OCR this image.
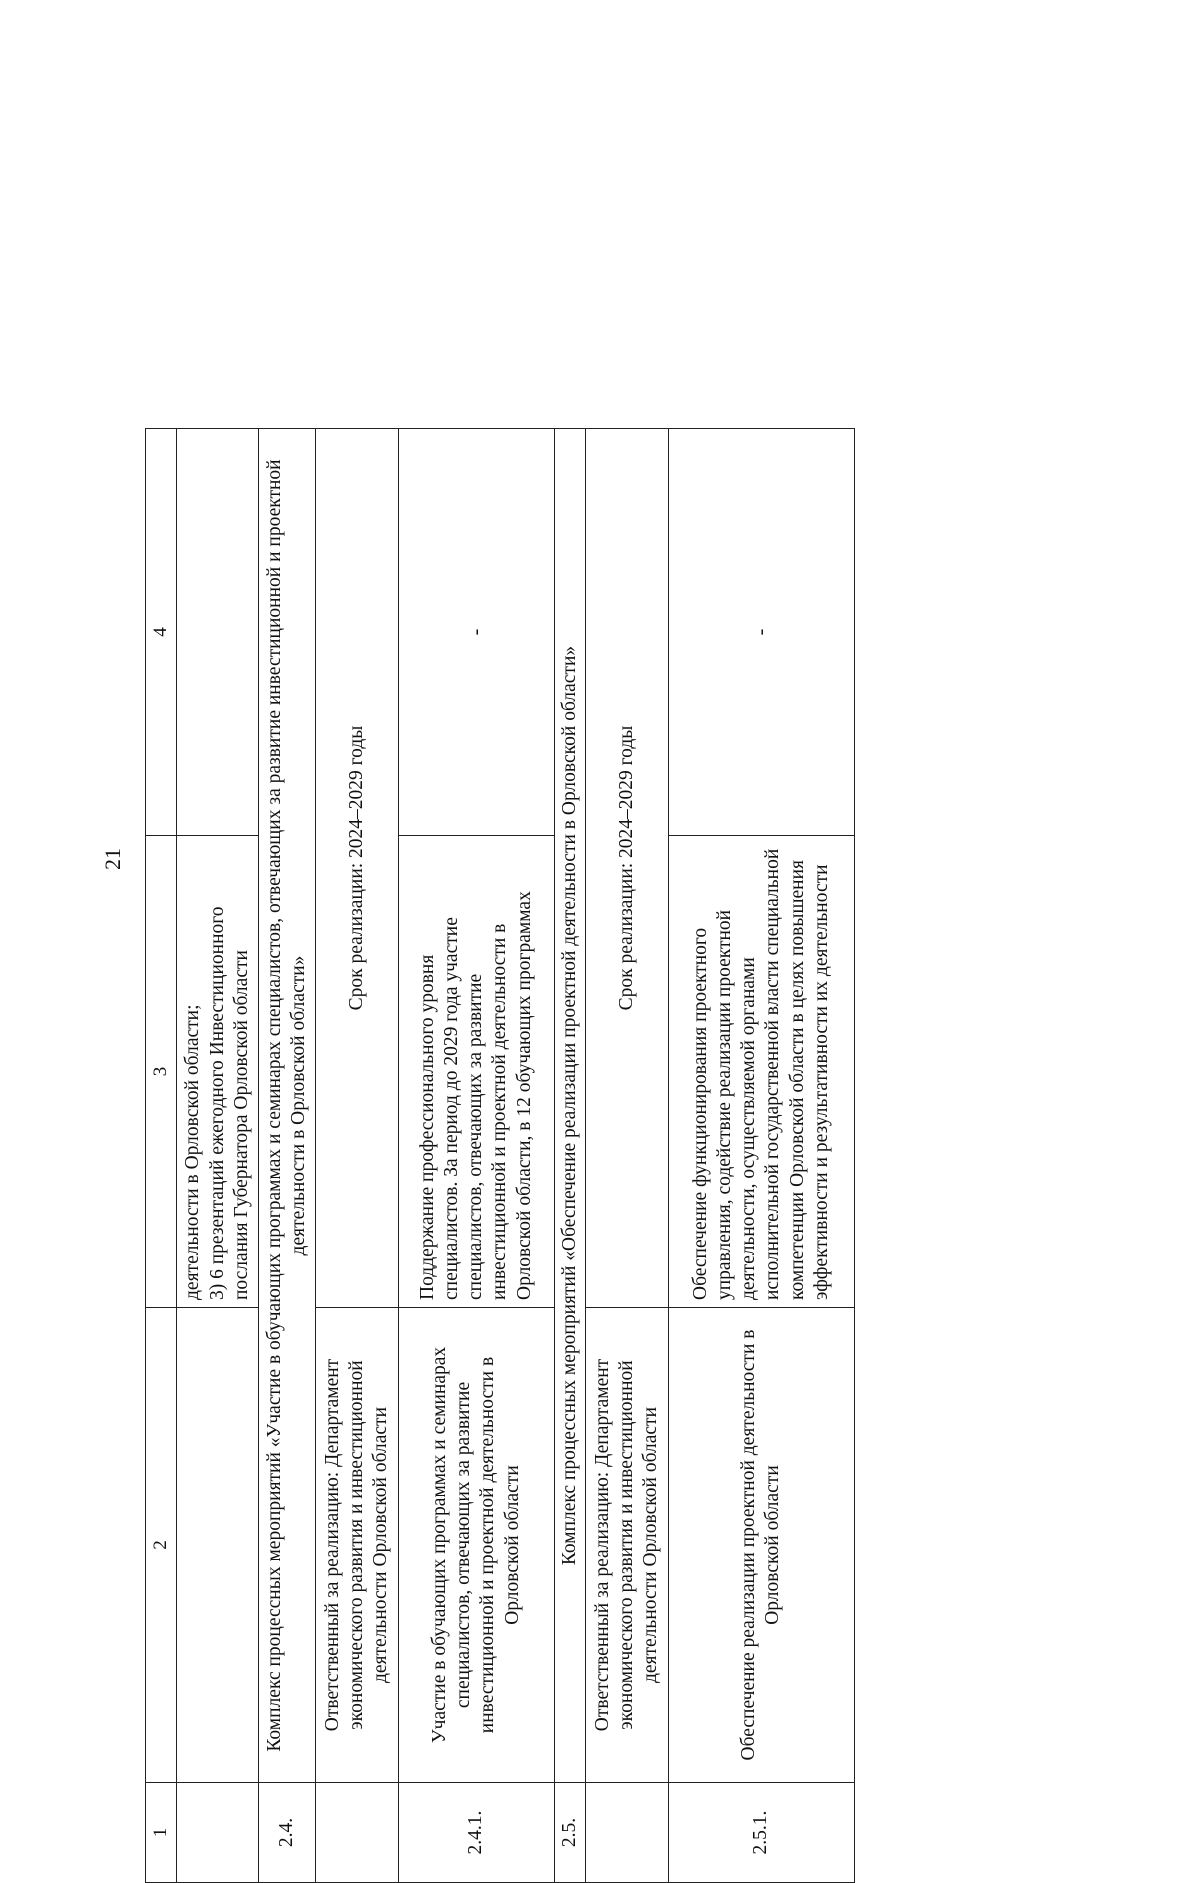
21
1	2	3	4
		деятельности в Орловской области;
3) 6 презентаций ежегодного Инвестиционного послания Губернатора Орловской области	
2.4.	Комплекс процессных мероприятий «Участие в обучающих программах и семинарах специалистов, отвечающих за развитие инвестиционной и проектной деятельности в Орловской области»		
	Ответственный за реализацию: Департамент экономического развития и инвестиционной деятельности Орловской области	Срок реализации: 2024–2029 годы	
2.4.1.	Участие в обучающих программах и семинарах специалистов, отвечающих за развитие инвестиционной и проектной деятельности в Орловской области	Поддержание профессионального уровня специалистов. За период до 2029 года участие специалистов, отвечающих за развитие инвестиционной и проектной деятельности в Орловской области, в 12 обучающих программах	-
2.5.	Комплекс процессных мероприятий «Обеспечение реализации проектной деятельности в Орловской области»		
	Ответственный за реализацию: Департамент экономического развития и инвестиционной деятельности Орловской области	Срок реализации: 2024–2029 годы	
2.5.1.	Обеспечение реализации проектной деятельности в Орловской области	Обеспечение функционирования проектного управления, содействие реализации проектной деятельности, осуществляемой органами исполнительной государственной власти специальной компетенции Орловской области в целях повышения эффективности и результативности их деятельности	-
